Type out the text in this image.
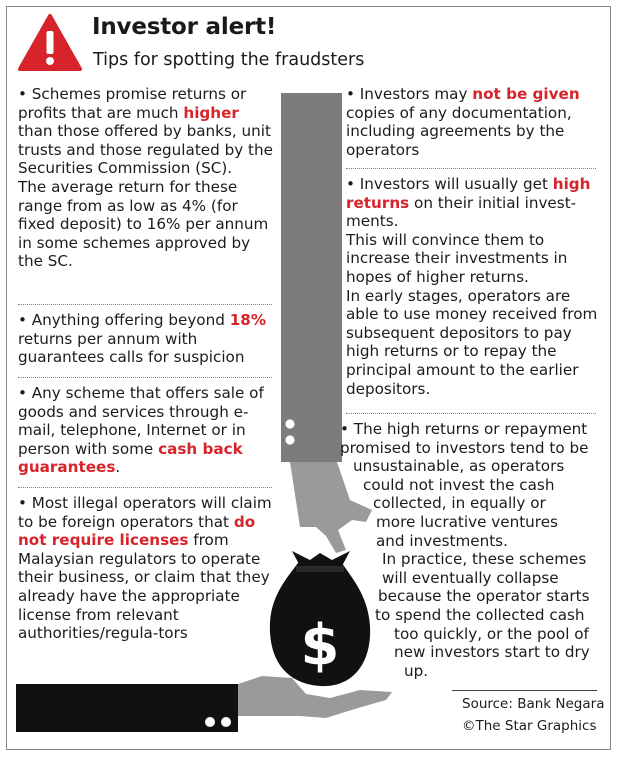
Investor alert!
Tips for spotting the fraudsters
$

• Schemes promise returns or profits that are much higher than those offered by banks, unit trusts and those regulated by the Securities Commission (SC).

The average return for these range from as low as 4% (for fixed deposit) to 16% per annum in some schemes approved by the SC.

• Anything offering beyond 18% returns per annum with guarantees calls for suspicion

• Any scheme that offers sale of goods and services through e-mail, telephone, Internet or in person with some cash back guarantees.

• Most illegal operators will claim to be foreign operators that do not require licenses from Malaysian regulators to operate their business, or claim that they already have the appropriate license from relevant authorities/regula-tors

• Investors may not be given copies of any documentation, including agreements by the operators

• Investors will usually get high returns on their initial invest-ments.

This will convince them to increase their investments in hopes of higher returns.

In early stages, operators are able to use money received from subsequent depositors to pay high returns or to repay the principal amount to the earlier depositors.

• The high returns or repayment

promised to investors tend to be

unsustainable, as operators

could not invest the cash

collected, in equally or

more lucrative ventures

and investments.

In practice, these schemes

will eventually collapse

because the operator starts

to spend the collected cash

too quickly, or the pool of

new investors start to dry

up.

Source: Bank Negara
©The Star Graphics
